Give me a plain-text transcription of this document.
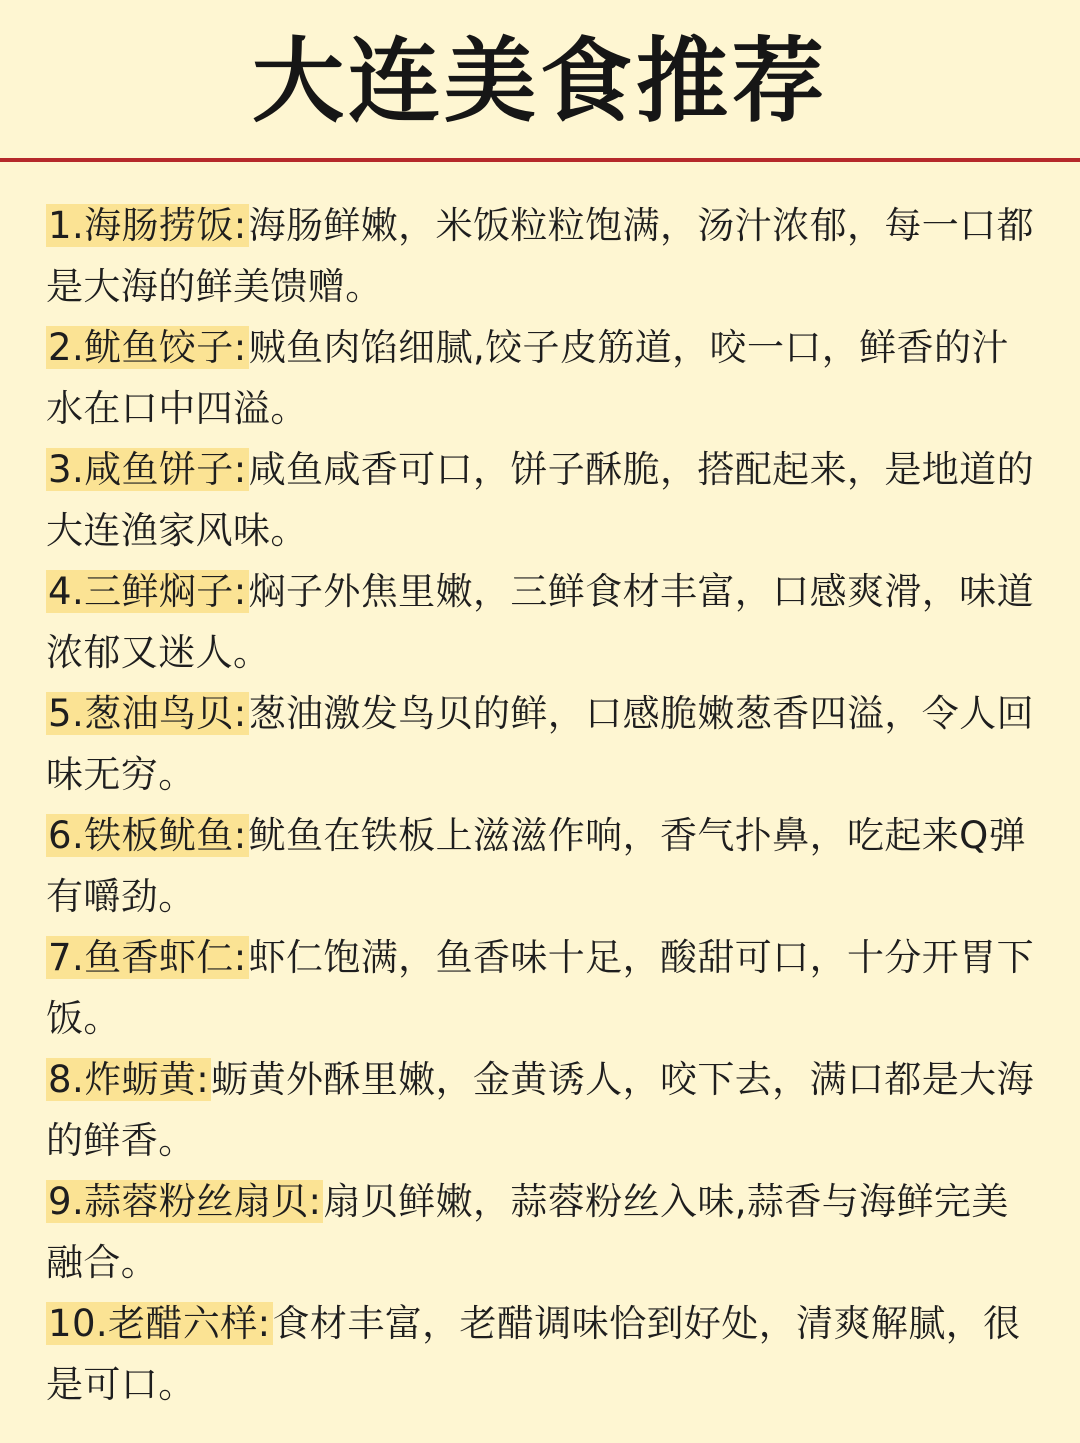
大连美食推荐

1.海肠捞饭:海肠鲜嫩，米饭粒粒饱满，汤汁浓郁，每一口都是大海的鲜美馈赠。

2.鱿鱼饺子:贼鱼肉馅细腻,饺子皮筋道，咬一口，鲜香的汁水在口中四溢。

3.咸鱼饼子:咸鱼咸香可口，饼子酥脆，搭配起来，是地道的大连渔家风味。

4.三鲜焖子:焖子外焦里嫩，三鲜食材丰富，口感爽滑，味道浓郁又迷人。

5.葱油鸟贝:葱油激发鸟贝的鲜，口感脆嫩葱香四溢，令人回味无穷。

6.铁板鱿鱼:鱿鱼在铁板上滋滋作响，香气扑鼻，吃起来Q弹有嚼劲。

7.鱼香虾仁:虾仁饱满，鱼香味十足，酸甜可口，十分开胃下饭。

8.炸蛎黄:蛎黄外酥里嫩，金黄诱人，咬下去，满口都是大海的鲜香。

9.蒜蓉粉丝扇贝:扇贝鲜嫩，蒜蓉粉丝入味,蒜香与海鲜完美融合。

10.老醋六样:食材丰富，老醋调味恰到好处，清爽解腻，很是可口。
